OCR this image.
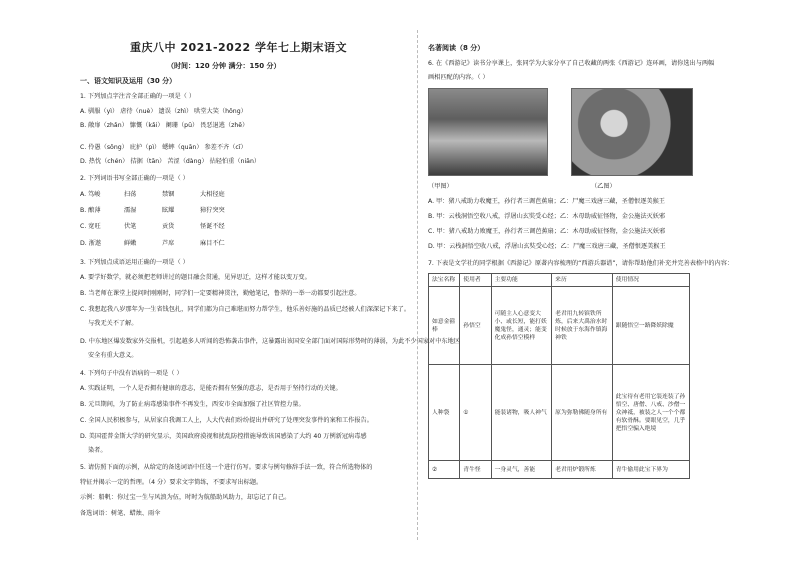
重庆八中 2021-2022 学年七上期末语文
（时间：120 分钟 满分：150 分）
一、语文知识及运用（30 分）
1. 下列加点字注音全部正确的一项是（ ）
A. 驯服（yì） 虐待（nuè） 遗误（zhì） 哄堂大笑（hōng）
B. 敞扉（zhǎn） 慷慨（kǎi） 阑珊（pū） 畏恶退逃（zhē）
C. 伶愚（sōng） 庇护（pì） 蟋蟀（quān） 参差不齐（cī）
D. 热忱（chén） 拮据（tān） 苦涩（dàng） 拈轻怕重（niān）
2. 下列词语书写全部正确的一项是（ ）
A. 笃峻	扫荡	禁锢	大相径庭
B. 酿薄	濡湿	眩耀	獐狞突突
C. 宽旺	伏笔	贡货	怪诞不经
D. 浙遨	鲜嫩	芦席	麻目不仁
3. 下列加点成语运用正确的一项是（ ）
A. 要学好数学，就必须把老师讲过的题目融会贯通，见异思迁，这样才能以变万变。
B. 当老师在课堂上提问时刚刚时，同学们一定要精神贯注，勤勉笔记，鲁莽的一举一动都要引起注意。
C. 我想起我八岁那年为一生省钱包扎，同学们都为自己难堪而努力帮学生，他乐善好施的品质已经被人们深深记下来了。
与我无关不了解。
D. 中东地区爆发数家外交报机，引起越多人听闻的恐怖袭击事件，这暴露出该国安全部门面对国际形势时的薄弱，为此不少国家对中东地区
安全有重大意义。
4. 下列句子中没有语病的一项是（ ）
A. 实践证明，一个人是否拥有健康的意志，是能否拥有坚强的意志，是否用于坚持行动的关键。
B. 元旦期间，为了防止病毒感染事件不再发生，西安市全面加强了社区管控力量。
C. 全国人民积极参与，从居家自我调工人上，人大代表们纷纷提出并研究了处理突发事件的案和工作报告。
D. 美国霍普金斯大学的研究显示，美国政府漠视和扰乱防控措施导致该国感染了大约 40 万例新冠病毒感
染者。
5. 请仿照下面的示例，从给定的备选词语中任选一个进行仿写。要求与例句修辞手法一致，符合所选物体的
特征并揭示一定的哲理。（4 分）要求文字简练，不要求写出标题。
示例：船帆：你过宝一生与风浪为伍，时时为航船助风助力，却忘记了自己。
备选词语：树笔、蜡烛、雨伞
名著阅读（8 分）
6. 在《西游记》读书分享课上，张同学为大家分享了自己收藏的两张《西游记》连环画，请你选出与两幅
画相匹配的内容。（ ）
（甲图）	（乙图）
A. 甲：猪八戒助力收魔王，孙行者三调芭蕉扇；乙：尸魔三戏唐三藏，圣僧恨逐美猴王
B. 甲：云栈洞悟空收八戒，浮屠山玄奘受心经；乙：木母助威征怪物，金公施法灭妖邪
C. 甲：猪八戒助力败魔王，孙行者三调芭蕉扇；乙：木母助威征怪物，金公施法灭妖邪
D. 甲：云栈洞悟空收八戒，浮屠山玄奘受心经；乙：尸魔三戏唐三藏，圣僧恨逐美猴王
7. 下表是文学社的同学根据《西游记》原著内容梳理的“西游兵器谱”，请你帮助他们补充并完善表格中的内容：
法宝名称	使用者	主要功能	来历	使用情况
如意金箍棒	孙悟空	可随主人心意变大小、或长短，能打妖魔鬼怪，通灵；能变化成孙悟空模样	老君用九转镔铁所炼，后来大禹治水时时候放于东海作镇海神铁	跟随悟空一路降妖除魔
人种袋	①	能装诸物，吸人神气	原为弥勒佛随身所有	此宝待有老用它装连装了孙悟空、唐僧、八戒、沙僧一众神祗，被装之人一个个都有软骨酥。要眼见空，几乎把悟空骗入绝境
②	青牛怪	一身灵气，善能	老君用炉锻所炼	青牛偷用此宝下界为
